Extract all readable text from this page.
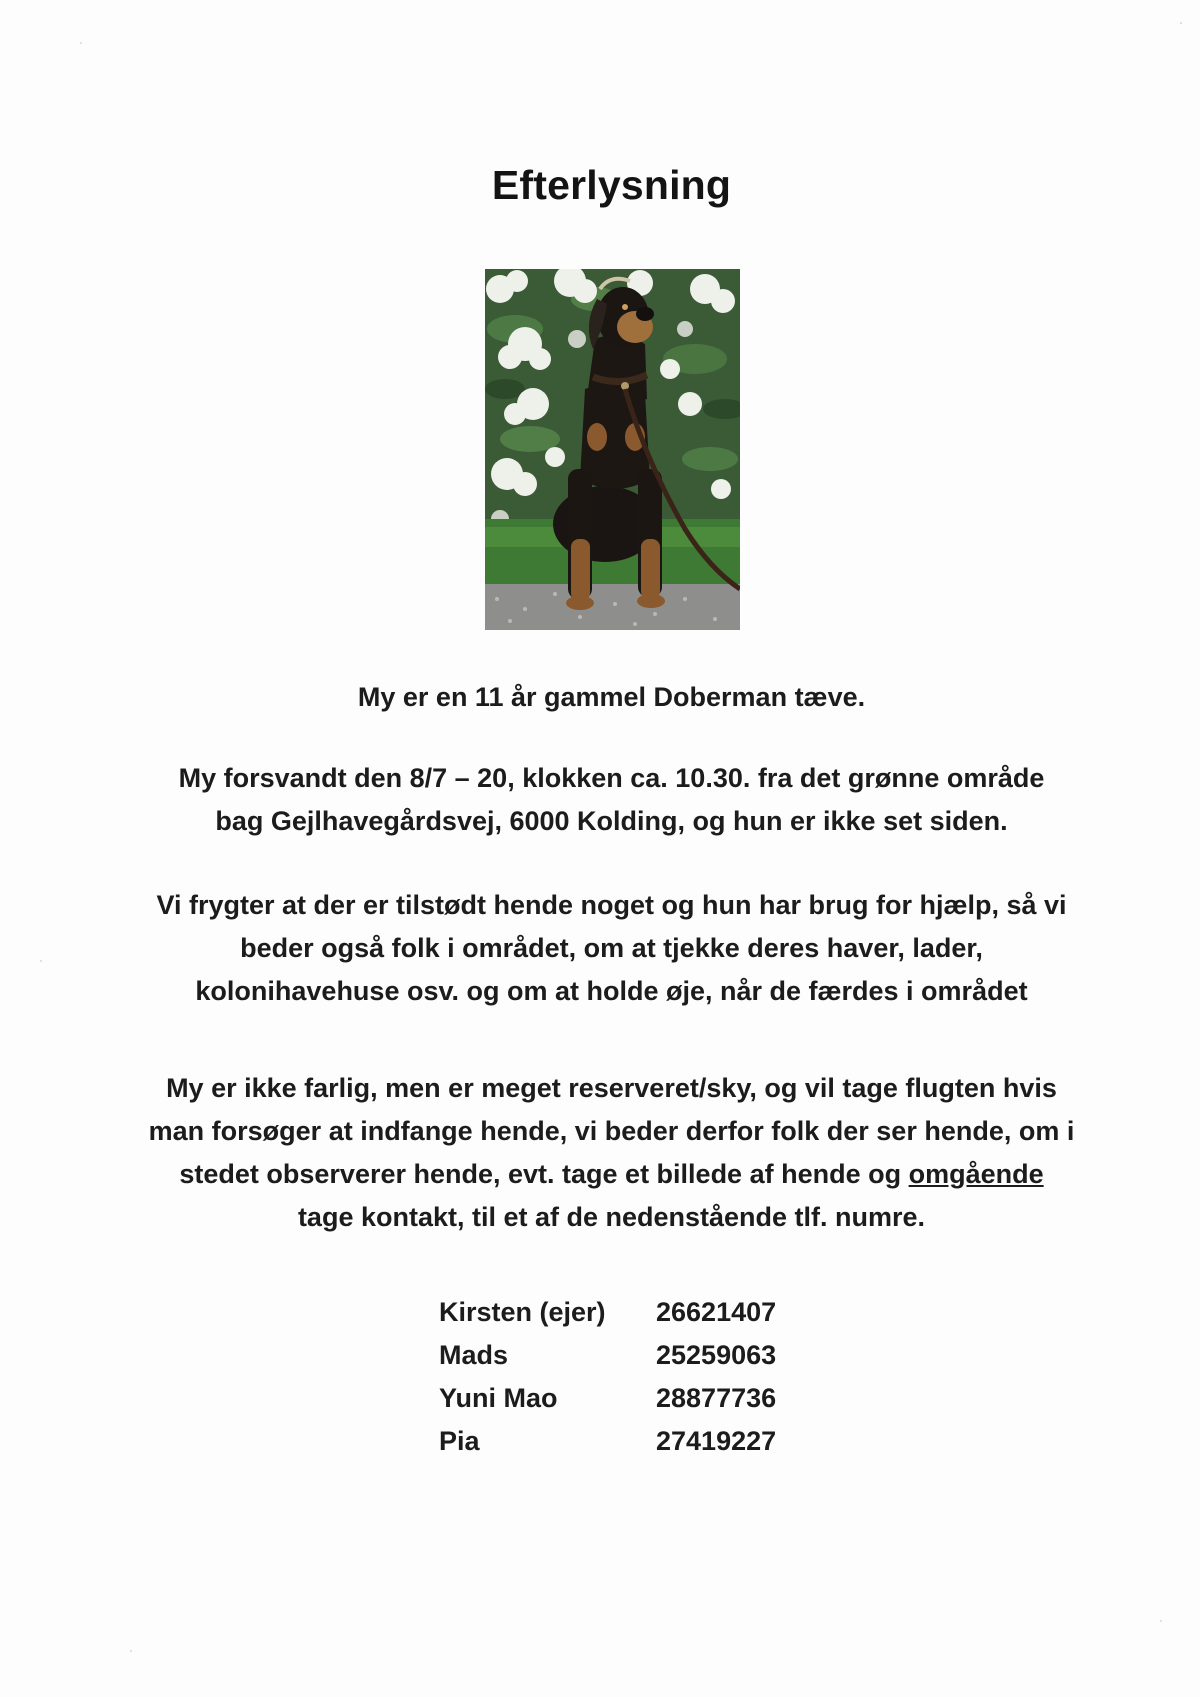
Efterlysning
My er en 11 år gammel Doberman tæve.
My forsvandt den 8/7 – 20, klokken ca. 10.30. fra det grønne område
bag Gejlhavegårdsvej, 6000 Kolding, og hun er ikke set siden.
Vi frygter at der er tilstødt hende noget og hun har brug for hjælp, så vi
beder også folk i området, om at tjekke deres haver, lader,
kolonihavehuse osv. og om at holde øje, når de færdes i området
My er ikke farlig, men er meget reserveret/sky, og vil tage flugten hvis
man forsøger at indfange hende, vi beder derfor folk der ser hende, om i
stedet observerer hende, evt. tage et billede af hende og omgående
tage kontakt, til et af de nedenstående tlf. numre.
Kirsten (ejer)	26621407
Mads	25259063
Yuni Mao	28877736
Pia	27419227
